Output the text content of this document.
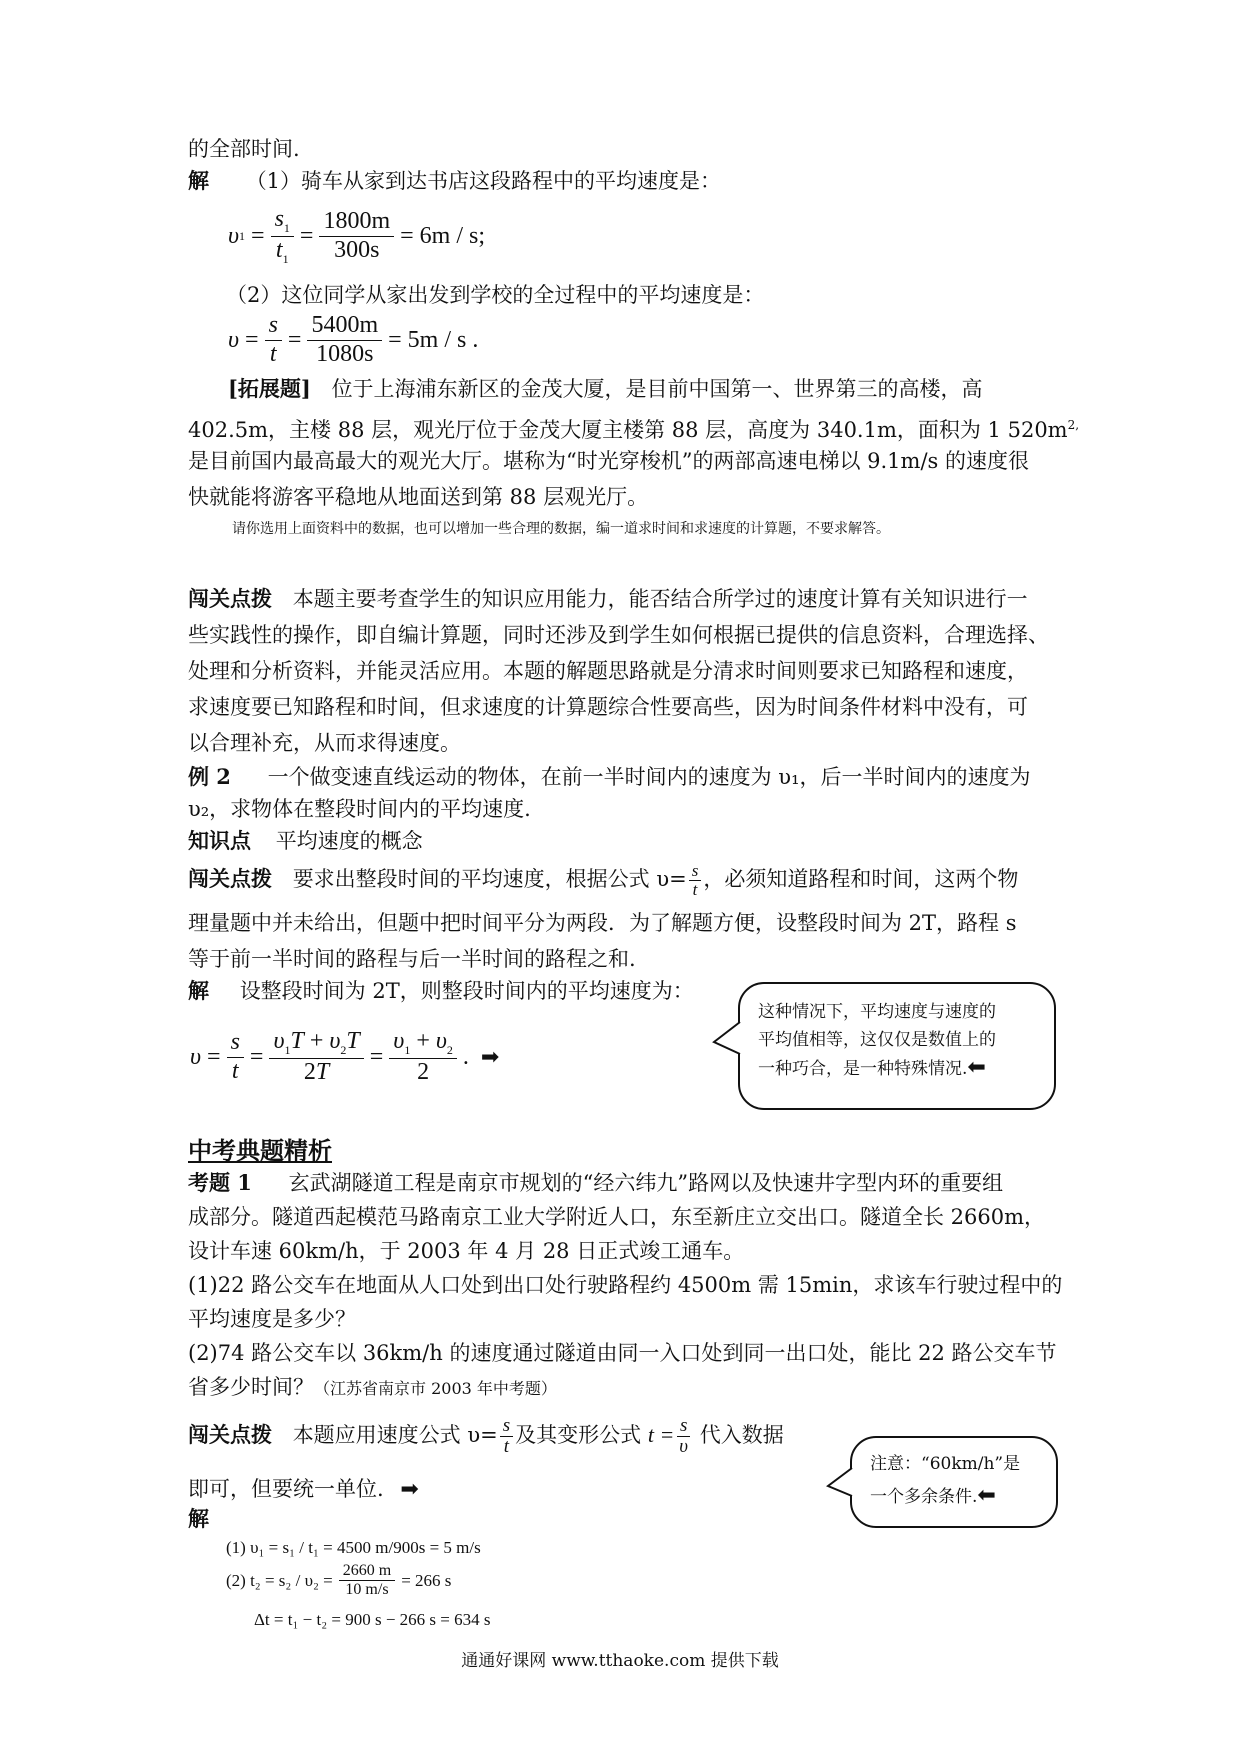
的全部时间.
解 （1）骑车从家到达书店这段路程中的平均速度是：
υ $1 = \frac{s_1}{t_1} = \frac{1800m}{300s} = 6m / s$;
（2）这位同学从家出发到学校的全过程中的平均速度是：
$\upsilon = \frac{s}{t} = \frac{5400m}{1080s} = 5m / s$ .
[拓展题] 位于上海浦东新区的金茂大厦，是目前中国第一、世界第三的高楼，高
402.5m，主楼 88 层，观光厅位于金茂大厦主楼第 88 层，高度为 340.1m，面积为 1 $520m^{2,}$
是目前国内最高最大的观光大厅。堪称为“时光穿梭机”的两部高速电梯以 9.1m/s 的速度很
快就能将游客平稳地从地面送到第 88 层观光厅。
请你选用上面资料中的数据，也可以增加一些合理的数据，编一道求时间和求速度的计算题，不要求解答。
闯关点拨 本题主要考查学生的知识应用能力，能否结合所学过的速度计算有关知识进行一
些实践性的操作，即自编计算题，同时还涉及到学生如何根据已提供的信息资料，合理选择、
处理和分析资料，并能灵活应用。本题的解题思路就是分清求时间则要求已知路程和速度，
求速度要已知路程和时间，但求速度的计算题综合性要高些，因为时间条件材料中没有，可
以合理补充，从而求得速度。
例 2 一个做变速直线运动的物体，在前一半时间内的速度为 υ₁，后一半时间内的速度为
υ₂，求物体在整段时间内的平均速度.
知识点 平均速度的概念
闯关点拨 要求出整段时间的平均速度，根据公式 $\upsilon= \frac{s}{t}$ ，必须知道路程和时间，这两个物
理量题中并未给出，但题中把时间平分为两段．为了解题方便，设整段时间为 2T，路程 s
等于前一半时间的路程与后一半时间的路程之和.
解 设整段时间为 2T，则整段时间内的平均速度为：
$\upsilon = \frac{s}{t} = \frac{\upsilon_1T + \upsilon_2T}{2T} = \frac{\upsilon_1 + \upsilon_2}{2}$ . ➡
这种情况下，平均速度与速度的
平均值相等，这仅仅是数值上的
一种巧合，是一种特殊情况.⬅
中考典题精析
考题 1 玄武湖隧道工程是南京市规划的“经六纬九”路网以及快速井字型内环的重要组
成部分。隧道西起模范马路南京工业大学附近人口，东至新庄立交出口。隧道全长 2660m，
设计车速 60km/h，于 2003 年 4 月 28 日正式竣工通车。
(1)22 路公交车在地面从人口处到出口处行驶路程约 4500m 需 15min，求该车行驶过程中的
平均速度是多少？
(2)74 路公交车以 36km/h 的速度通过隧道由同一入口处到同一出口处，能比 22 路公交车节
省多少时间？（江苏省南京市 2003 年中考题）
闯关点拨 本题应用速度公式 $\upsilon= \frac{s}{t}$ 及其变形公式 $t = \frac{s}{\upsilon}$ 代入数据
即可，但要统一单位. ➡
注意：“60km/h”是
一个多余条件.⬅
解
(1) υ₁ = s₁ / t₁ = 4500 m/900s = 5 m/s
(2) $t_2 = s_2 / \upsilon_2 = \frac{2660 m}{10 m/s} = 266$ s
Δt = t₁ − t₂ = 900 s − 266 s = 634 s
通通好课网 www.tthaoke.com 提供下载
